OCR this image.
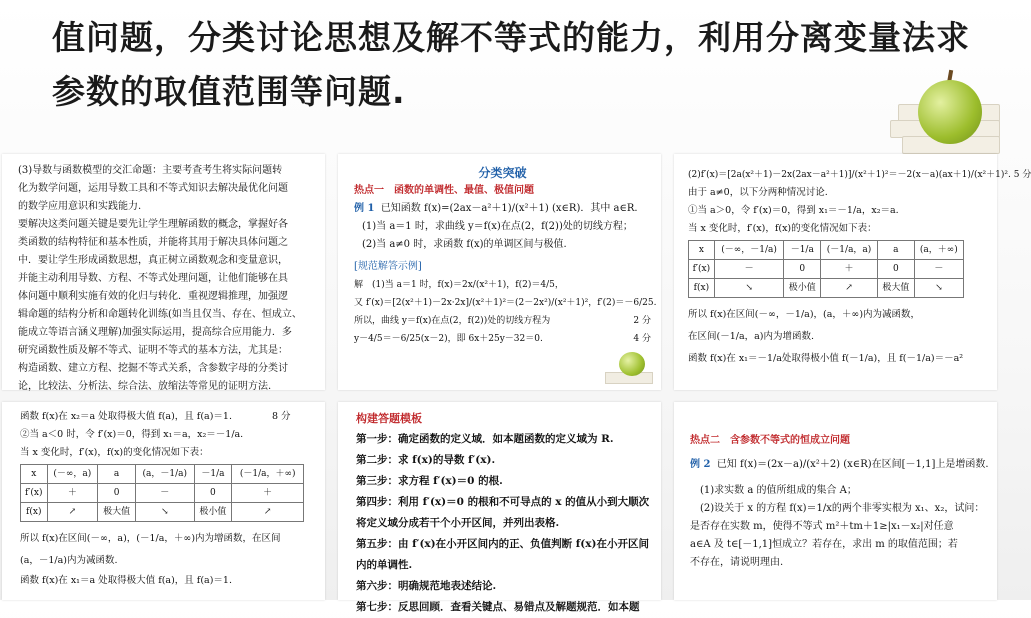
值问题，分类讨论思想及解不等式的能力，利用分离变量法求
参数的取值范围等问题.
(3)导数与函数模型的交汇命题：主要考查考生将实际问题转
化为数学问题，运用导数工具和不等式知识去解决最优化问题
的数学应用意识和实践能力.
要解决这类问题关键是要先让学生理解函数的概念，掌握好各
类函数的结构特征和基本性质，并能将其用于解决具体问题之
中．要让学生形成函数思想，真正树立函数观念和变量意识，
并能主动利用导数、方程、不等式处理问题，让他们能够在具
体问题中顺利实施有效的化归与转化．重视逻辑推理，加强逻
辑命题的结构分析和命题转化训练(如当且仅当、存在、恒成立、
能成立等语言涵义理解)加强实际运用，提高综合应用能力．多
研究函数性质及解不等式、证明不等式的基本方法，尤其是：
构造函数、建立方程、挖掘不等式关系，含参数字母的分类讨
论，比较法、分析法、综合法、放缩法等常见的证明方法.
分类突破
热点一　函数的单调性、最值、极值问题
例 1 已知函数 f(x)=(2ax－a²＋1)/(x²＋1) (x∈R)．其中 a∈R.
(1)当 a＝1 时，求曲线 y＝f(x)在点(2，f(2))处的切线方程；
(2)当 a≠0 时，求函数 f(x)的单调区间与极值.
[规范解答示例]
解　(1)当 a＝1 时，f(x)＝2x/(x²＋1)，f(2)＝4/5，
又 f′(x)＝[2(x²＋1)－2x·2x]/(x²＋1)²＝(2－2x²)/(x²＋1)²，f′(2)＝－6/25.
2 分
所以，曲线 y＝f(x)在点(2，f(2))处的切线方程为
y－4/5＝－6/25(x－2)，即 6x＋25y－32＝0.	4 分
(2)f′(x)＝[2a(x²＋1)－2x(2ax－a²＋1)]/(x²＋1)²＝－2(x－a)(ax＋1)/(x²＋1)². 5 分
由于 a≠0，以下分两种情况讨论.
①当 a＞0，令 f′(x)＝0，得到 x₁＝－1/a，x₂＝a.
当 x 变化时，f′(x)，f(x)的变化情况如下表：
x	(－∞，－1/a)	－1/a	(－1/a，a)	a	(a，＋∞)
f′(x)	－	0	＋	0	－
f(x)	↘	极小值	↗	极大值	↘
所以 f(x)在区间(－∞，－1/a)，(a，＋∞)内为减函数，
在区间(－1/a，a)内为增函数.
函数 f(x)在 x₁＝－1/a处取得极小值 f(－1/a)，且 f(－1/a)＝－a²
函数 f(x)在 x₂＝a 处取得极大值 f(a)，且 f(a)＝1.	8 分
②当 a＜0 时，令 f′(x)＝0，得到 x₁＝a，x₂＝－1/a.
当 x 变化时，f′(x)，f(x)的变化情况如下表：
x	(－∞，a)	a	(a，－1/a)	－1/a	(－1/a，＋∞)
f′(x)	＋	0	－	0	＋
f(x)	↗	极大值	↘	极小值	↗
所以 f(x)在区间(－∞，a)，(－1/a，＋∞)内为增函数，在区间
(a，－1/a)内为减函数.
函数 f(x)在 x₁＝a 处取得极大值 f(a)，且 f(a)＝1.
构建答题模板
第一步：确定函数的定义域．如本题函数的定义域为 R.
第二步：求 f(x)的导数 f′(x).
第三步：求方程 f′(x)＝0 的根.
第四步：利用 f′(x)＝0 的根和不可导点的 x 的值从小到大顺次
将定义域分成若干个小开区间，并列出表格.
第五步：由 f′(x)在小开区间内的正、负值判断 f(x)在小开区间
内的单调性.
第六步：明确规范地表述结论.
第七步：反思回顾．查看关键点、易错点及解题规范．如本题
热点二　含参数不等式的恒成立问题
例 2 已知 f(x)＝(2x－a)/(x²＋2) (x∈R)在区间[－1,1]上是增函数.
(1)求实数 a 的值所组成的集合 A；
(2)设关于 x 的方程 f(x)＝1/x的两个非零实根为 x₁、x₂，试问：
是否存在实数 m，使得不等式 m²＋tm＋1≥|x₁－x₂|对任意
a∈A 及 t∈[－1,1]恒成立？若存在，求出 m 的取值范围；若
不存在，请说明理由.
